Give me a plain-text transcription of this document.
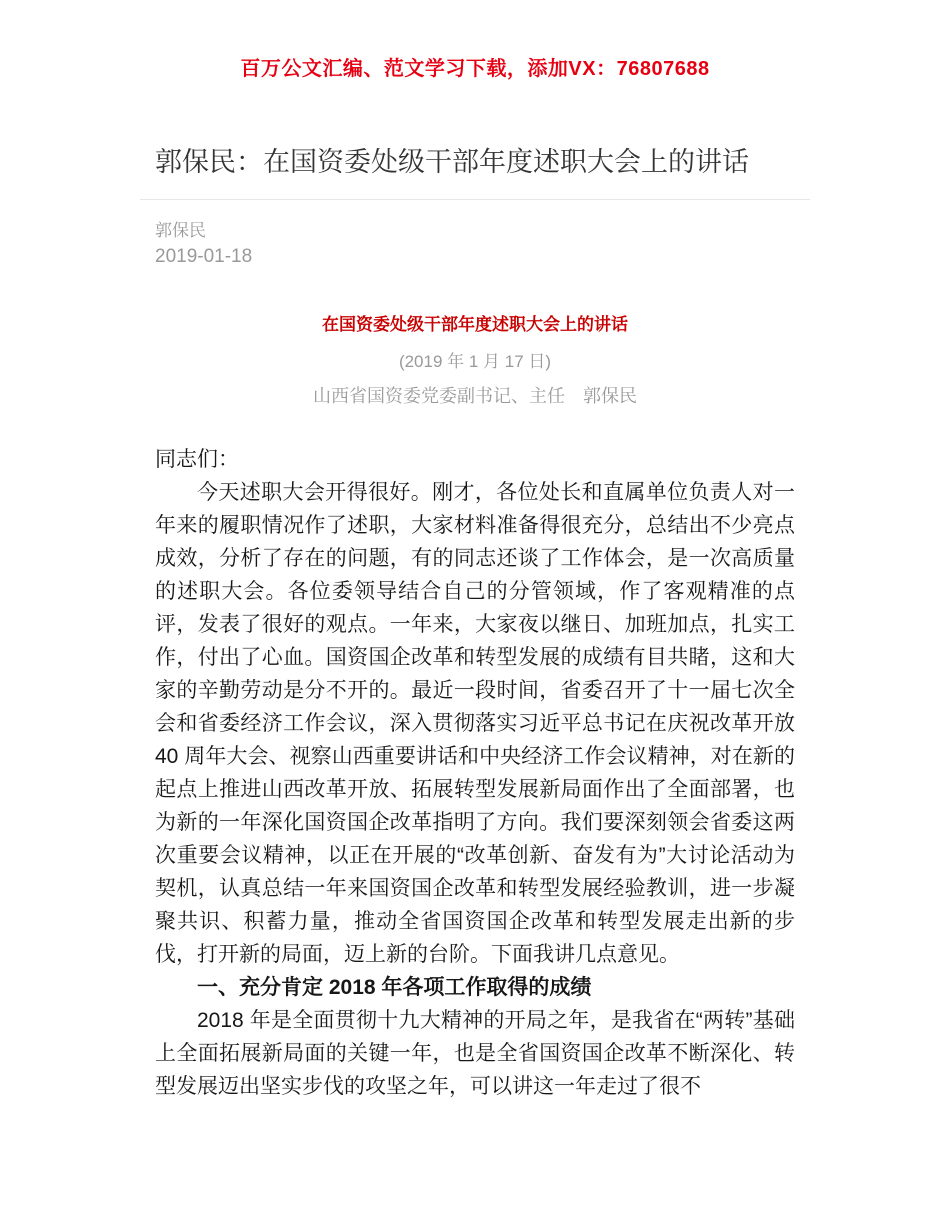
百万公文汇编、范文学习下载，添加VX：76807688
郭保民：在国资委处级干部年度述职大会上的讲话
郭保民
2019-01-18
在国资委处级干部年度述职大会上的讲话
(2019 年 1 月 17 日)
山西省国资委党委副书记、主任　郭保民

同志们：

今天述职大会开得很好。刚才，各位处长和直属单位负责人对一年来的履职情况作了述职，大家材料准备得很充分，总结出不少亮点成效，分析了存在的问题，有的同志还谈了工作体会，是一次高质量的述职大会。各位委领导结合自己的分管领域，作了客观精准的点评，发表了很好的观点。一年来，大家夜以继日、加班加点，扎实工作，付出了心血。国资国企改革和转型发展的成绩有目共睹，这和大家的辛勤劳动是分不开的。最近一段时间，省委召开了十一届七次全会和省委经济工作会议，深入贯彻落实习近平总书记在庆祝改革开放 40 周年大会、视察山西重要讲话和中央经济工作会议精神，对在新的起点上推进山西改革开放、拓展转型发展新局面作出了全面部署，也为新的一年深化国资国企改革指明了方向。我们要深刻领会省委这两次重要会议精神，以正在开展的“改革创新、奋发有为”大讨论活动为契机，认真总结一年来国资国企改革和转型发展经验教训，进一步凝聚共识、积蓄力量，推动全省国资国企改革和转型发展走出新的步伐，打开新的局面，迈上新的台阶。下面我讲几点意见。

一、充分肯定 2018 年各项工作取得的成绩

2018 年是全面贯彻十九大精神的开局之年，是我省在“两转”基础上全面拓展新局面的关键一年，也是全省国资国企改革不断深化、转型发展迈出坚实步伐的攻坚之年，可以讲这一年走过了很不
